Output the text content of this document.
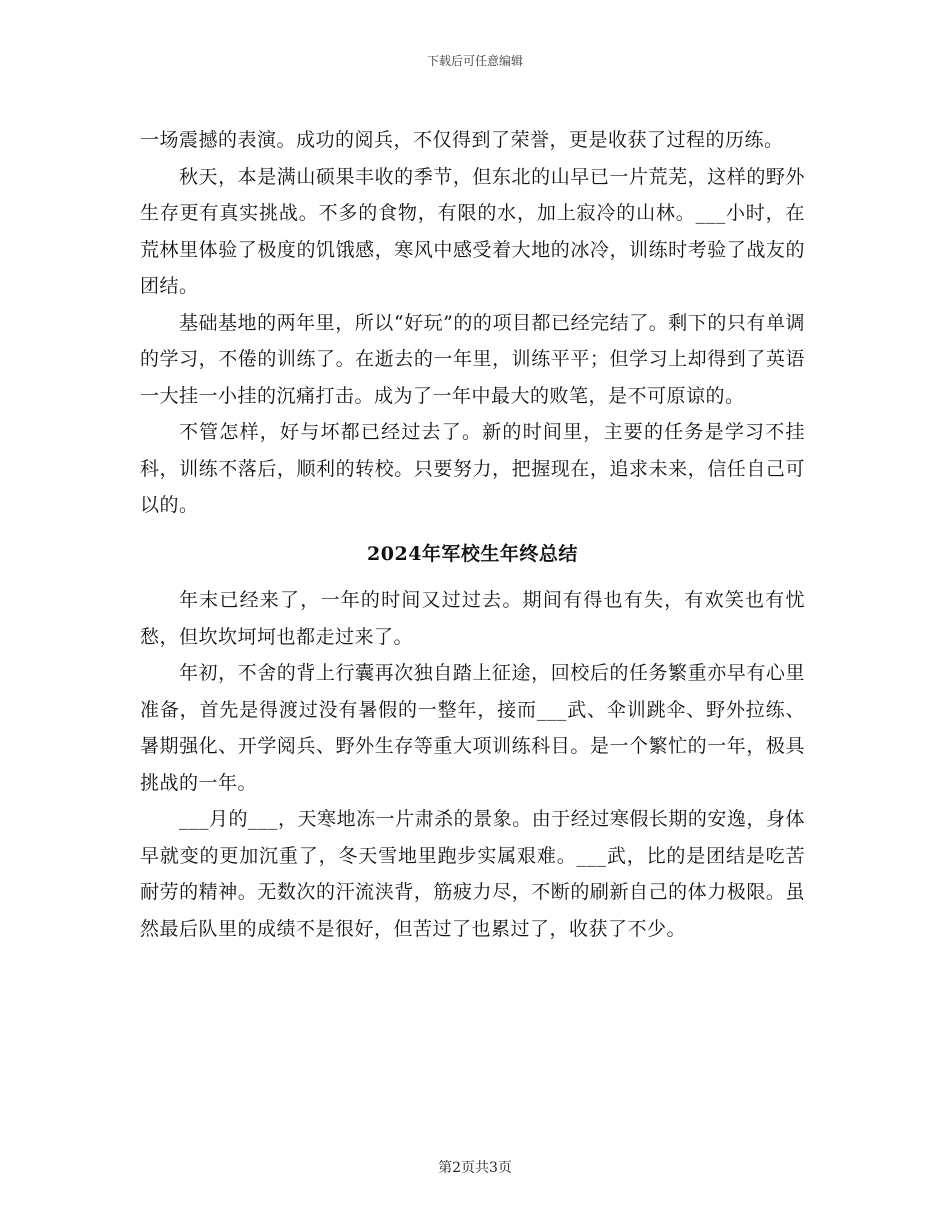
下载后可任意编辑

一场震撼的表演。成功的阅兵，不仅得到了荣誉，更是收获了过程的历练。

秋天，本是满山硕果丰收的季节，但东北的山早已一片荒芜，这样的野外生存更有真实挑战。不多的食物，有限的水，加上寂冷的山林。___小时，在荒林里体验了极度的饥饿感，寒风中感受着大地的冰冷，训练时考验了战友的团结。

基础基地的两年里，所以“好玩”的的项目都已经完结了。剩下的只有单调的学习，不倦的训练了。在逝去的一年里，训练平平；但学习上却得到了英语一大挂一小挂的沉痛打击。成为了一年中最大的败笔，是不可原谅的。

不管怎样，好与坏都已经过去了。新的时间里，主要的任务是学习不挂科，训练不落后，顺利的转校。只要努力，把握现在，追求未来，信任自己可以的。

2024年军校生年终总结

年末已经来了，一年的时间又过过去。期间有得也有失，有欢笑也有忧愁，但坎坎坷坷也都走过来了。

年初，不舍的背上行囊再次独自踏上征途，回校后的任务繁重亦早有心里准备，首先是得渡过没有暑假的一整年，接而___武、伞训跳伞、野外拉练、暑期强化、开学阅兵、野外生存等重大项训练科目。是一个繁忙的一年，极具挑战的一年。

___月的___，天寒地冻一片肃杀的景象。由于经过寒假长期的安逸，身体早就变的更加沉重了，冬天雪地里跑步实属艰难。___武，比的是团结是吃苦耐劳的精神。无数次的汗流浃背，筋疲力尽，不断的刷新自己的体力极限。虽然最后队里的成绩不是很好，但苦过了也累过了，收获了不少。

第2页共3页
